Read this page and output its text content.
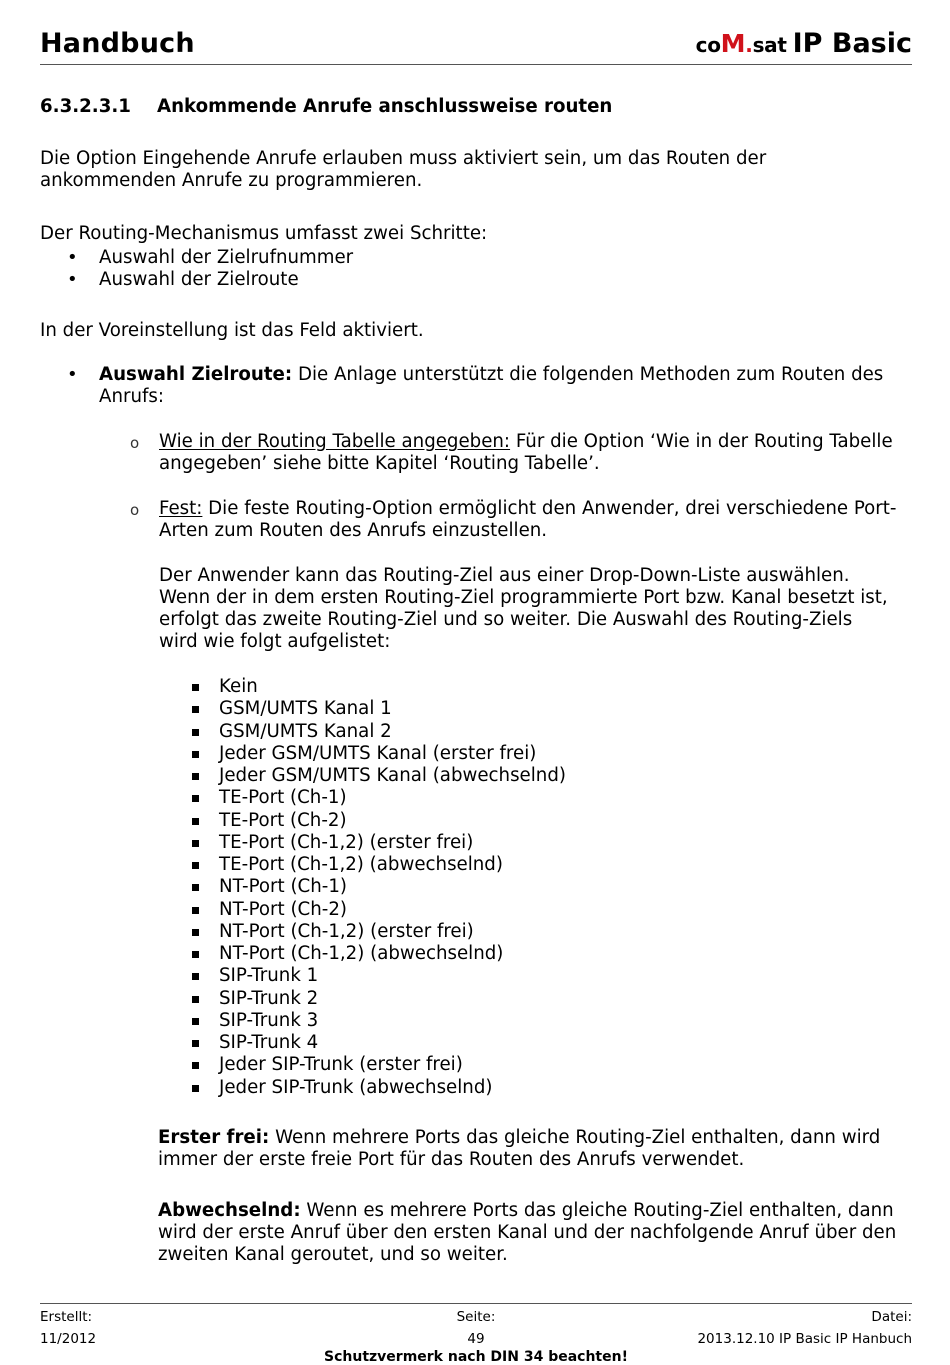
Handbuch	coM.sat IP Basic
6.3.2.3.1 Ankommende Anrufe anschlussweise routen
Die Option Eingehende Anrufe erlauben muss aktiviert sein, um das Routen der
ankommenden Anrufe zu programmieren.
Der Routing-Mechanismus umfasst zwei Schritte:
• Auswahl der Zielrufnummer
• Auswahl der Zielroute
In der Voreinstellung ist das Feld aktiviert.
• Auswahl Zielroute: Die Anlage unterstützt die folgenden Methoden zum Routen des
Anrufs:
o Wie in der Routing Tabelle angegeben: Für die Option ‘Wie in der Routing Tabelle
angegeben’ siehe bitte Kapitel ‘Routing Tabelle’.
o Fest: Die feste Routing-Option ermöglicht den Anwender, drei verschiedene Port-
Arten zum Routen des Anrufs einzustellen.
Der Anwender kann das Routing-Ziel aus einer Drop-Down-Liste auswählen.
Wenn der in dem ersten Routing-Ziel programmierte Port bzw. Kanal besetzt ist,
erfolgt das zweite Routing-Ziel und so weiter. Die Auswahl des Routing-Ziels
wird wie folgt aufgelistet:
Kein
GSM/UMTS Kanal 1
GSM/UMTS Kanal 2
Jeder GSM/UMTS Kanal (erster frei)
Jeder GSM/UMTS Kanal (abwechselnd)
TE-Port (Ch-1)
TE-Port (Ch-2)
TE-Port (Ch-1,2) (erster frei)
TE-Port (Ch-1,2) (abwechselnd)
NT-Port (Ch-1)
NT-Port (Ch-2)
NT-Port (Ch-1,2) (erster frei)
NT-Port (Ch-1,2) (abwechselnd)
SIP-Trunk 1
SIP-Trunk 2
SIP-Trunk 3
SIP-Trunk 4
Jeder SIP-Trunk (erster frei)
Jeder SIP-Trunk (abwechselnd)
Erster frei: Wenn mehrere Ports das gleiche Routing-Ziel enthalten, dann wird
immer der erste freie Port für das Routen des Anrufs verwendet.
Abwechselnd: Wenn es mehrere Ports das gleiche Routing-Ziel enthalten, dann
wird der erste Anruf über den ersten Kanal und der nachfolgende Anruf über den
zweiten Kanal geroutet, und so weiter.
Erstellt:
11/2012
Seite:
49
Datei:
2013.12.10 IP Basic IP Hanbuch
Schutzvermerk nach DIN 34 beachten!
